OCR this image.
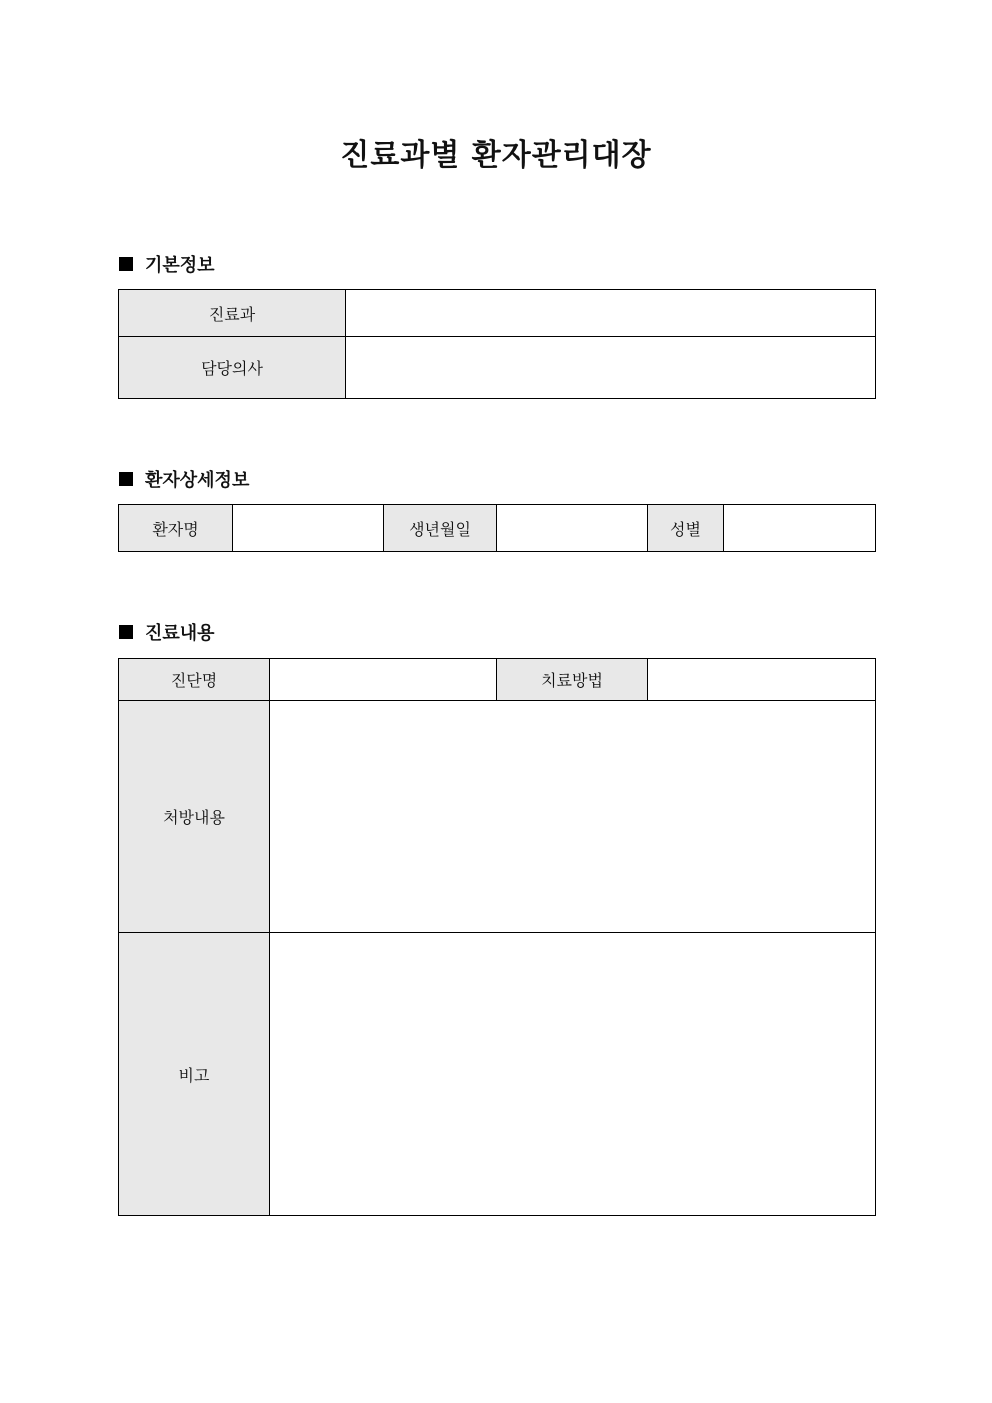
진료과별 환자관리대장
기본정보
진료과	
담당의사	
환자상세정보
환자명		생년월일		성별	
진료내용
진단명		치료방법	
처방내용			
비고			
